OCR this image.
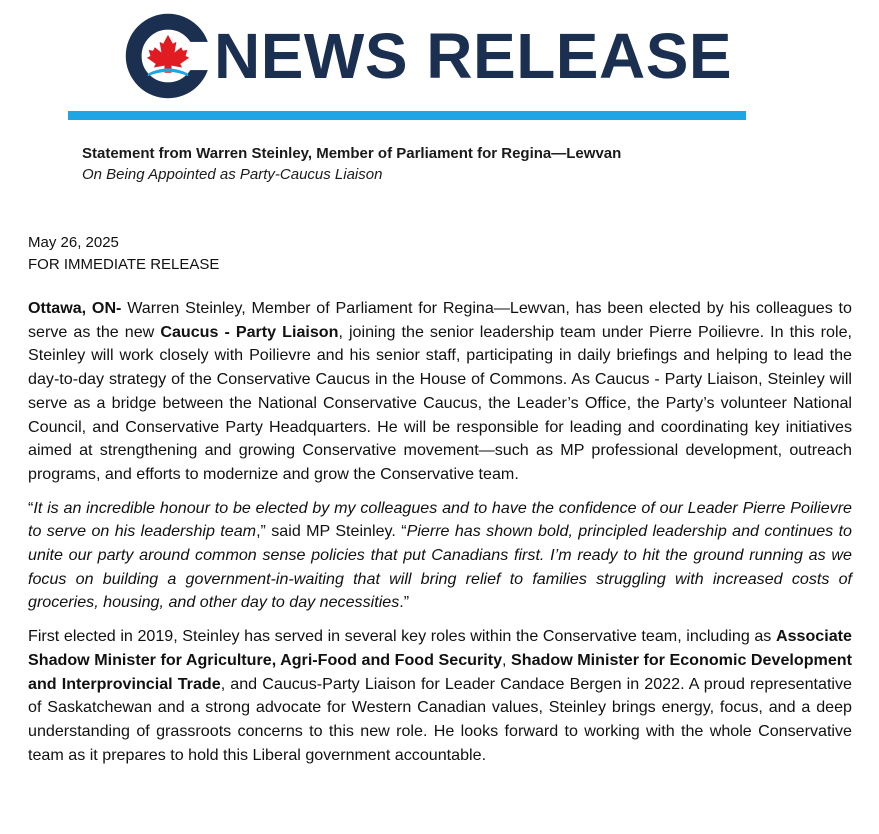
NEWS RELEASE
Statement from Warren Steinley, Member of Parliament for Regina—Lewvan
On Being Appointed as Party-Caucus Liaison
May 26, 2025
FOR IMMEDIATE RELEASE

Ottawa, ON- Warren Steinley, Member of Parliament for Regina—Lewvan, has been elected by his colleagues to serve as the new Caucus - Party Liaison, joining the senior leadership team under Pierre Poilievre. In this role, Steinley will work closely with Poilievre and his senior staff, participating in daily briefings and helping to lead the day-to-day strategy of the Conservative Caucus in the House of Commons. As Caucus - Party Liaison, Steinley will serve as a bridge between the National Conservative Caucus, the Leader’s Office, the Party’s volunteer National Council, and Conservative Party Headquarters. He will be responsible for leading and coordinating key initiatives aimed at strengthening and growing Conservative movement—such as MP professional development, outreach programs, and efforts to modernize and grow the Conservative team.

“It is an incredible honour to be elected by my colleagues and to have the confidence of our Leader Pierre Poilievre to serve on his leadership team,” said MP Steinley. “Pierre has shown bold, principled leadership and continues to unite our party around common sense policies that put Canadians first. I’m ready to hit the ground running as we focus on building a government-in-waiting that will bring relief to families struggling with increased costs of groceries, housing, and other day to day necessities.”

First elected in 2019, Steinley has served in several key roles within the Conservative team, including as Associate Shadow Minister for Agriculture, Agri-Food and Food Security, Shadow Minister for Economic Development and Interprovincial Trade, and Caucus-Party Liaison for Leader Candace Bergen in 2022. A proud representative of Saskatchewan and a strong advocate for Western Canadian values, Steinley brings energy, focus, and a deep understanding of grassroots concerns to this new role. He looks forward to working with the whole Conservative team as it prepares to hold this Liberal government accountable.
